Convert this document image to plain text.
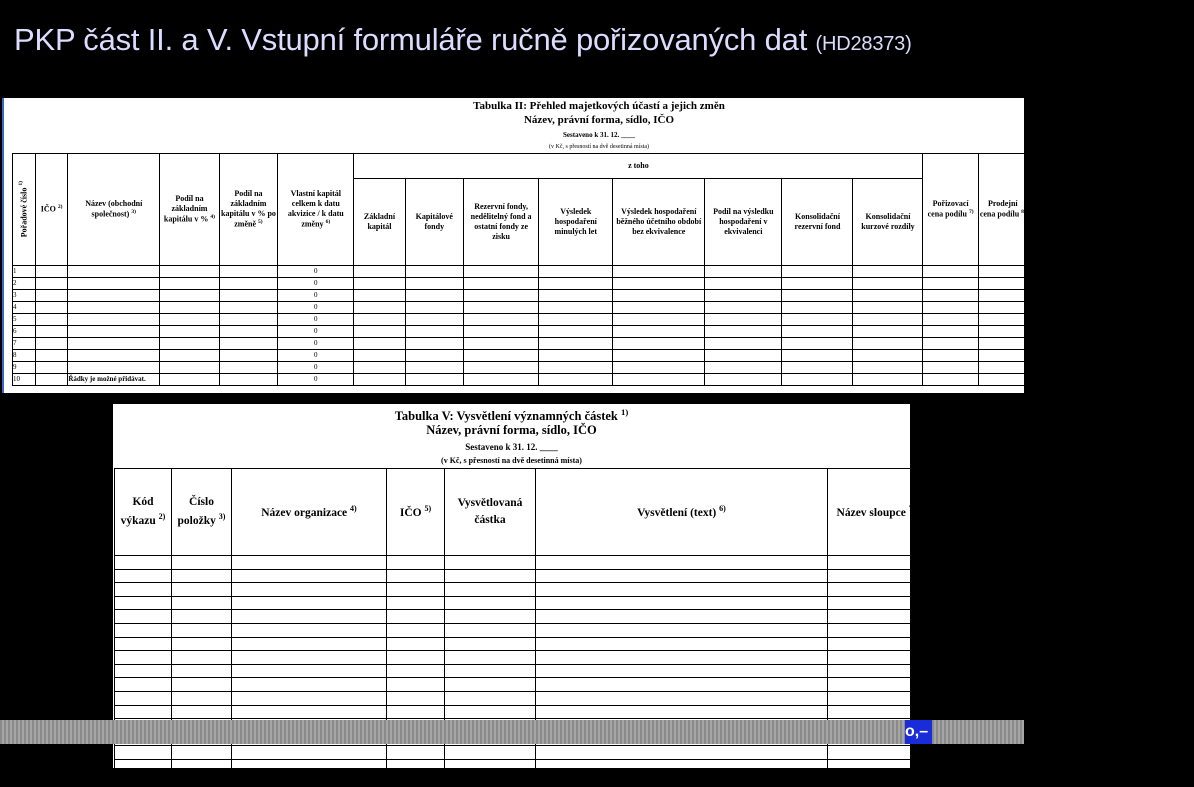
PKP část II. a V. Vstupní formuláře ručně pořizovaných dat (HD28373)
Tabulka II: Přehled majetkových účastí a jejich změn
Název, právní forma, sídlo, IČO
Sestaveno k 31. 12. ____
(v Kč, s přesností na dvě desetinná místa)
Pořadové číslo $^{1)}$	IČO $^{2)}$	Název (obchodní společnost) $^{3)}$	Podíl na základním kapitálu v % $^{4)}$	Podíl na základním kapitálu v % po změně $^{5)}$	Vlastní kapitál celkem k datu akvizice / k datu změny $^{6)}$	z toho								Pořizovací cena podílu $^{7)}$	Prodejní cena podílu $^{8)}$	Datum změny majetkové účasti $^{9)}$
						Základní kapitál	Kapitálové fondy	Rezervní fondy, nedělitelný fond a ostatní fondy ze zisku	Výsledek hospodaření minulých let	Výsledek hospodaření běžného účetního období bez ekvivalence	Podíl na výsledku hospodaření v ekvivalenci	Konsolidační rezervní fond	Konsolidační kurzové rozdíly			
1					0											
2					0											
3					0											
4					0											
5					0											
6					0											
7					0											
8					0											
9					0											
10		Řádky je možné přidávat.			0											
Tabulka V: Vysvětlení významných částek $^{1)}$
Název, právní forma, sídlo, IČO
Sestaveno k 31. 12. ____
(v Kč, s přesností na dvě desetinná místa)
Kód výkazu $^{2)}$	Číslo položky $^{3)}$	Název organizace $^{4)}$	IČO $^{5)}$	Vysvětlovaná částka	Vysvětlení (text) $^{6)}$	Název sloupce $^{7)}$

o,–
